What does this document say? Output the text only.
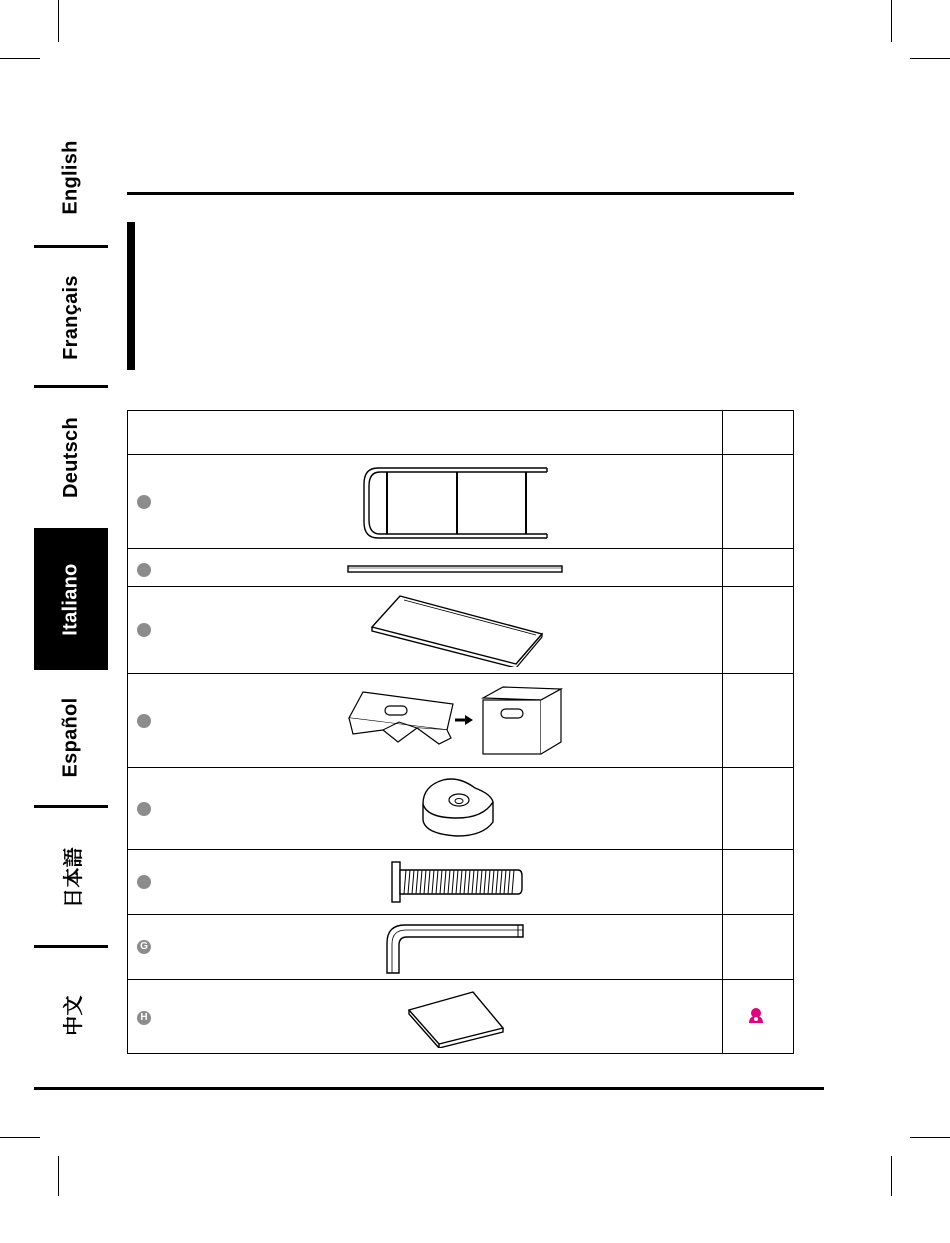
English
Français
Deutsch
Italiano
Español
日本語
中文
G
H
